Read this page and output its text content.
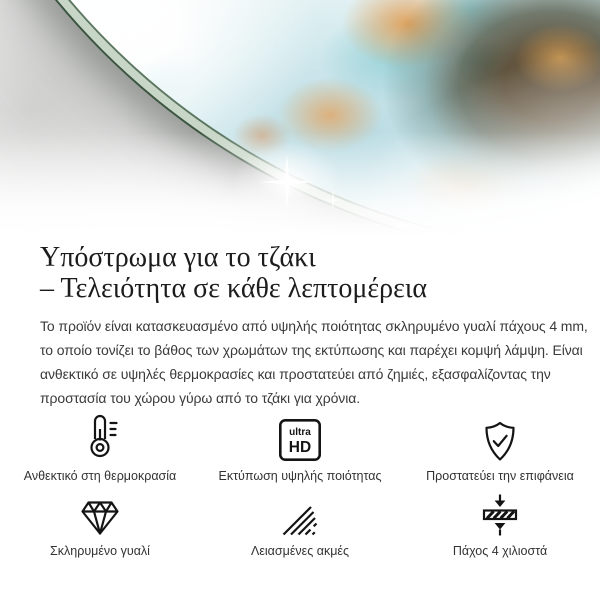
Υπόστρωμα για το τζάκι
– Τελειότητα σε κάθε λεπτομέρεια
Το προϊόν είναι κατασκευασμένο από υψηλής ποιότητας σκληρυμένο γυαλί πάχους 4 mm,
το οποίο τονίζει το βάθος των χρωμάτων της εκτύπωσης και παρέχει κομψή λάμψη. Είναι
ανθεκτικό σε υψηλές θερμοκρασίες και προστατεύει από ζημιές, εξασφαλίζοντας την
προστασία του χώρου γύρω από το τζάκι για χρόνια.
Ανθεκτικό στη θερμοκρασία
ultra
HD
Εκτύπωση υψηλής ποιότητας	Προστατεύει την επιφάνεια
Σκληρυμένο γυαλί	Λειασμένες ακμές	Πάχος 4 χιλιοστά
